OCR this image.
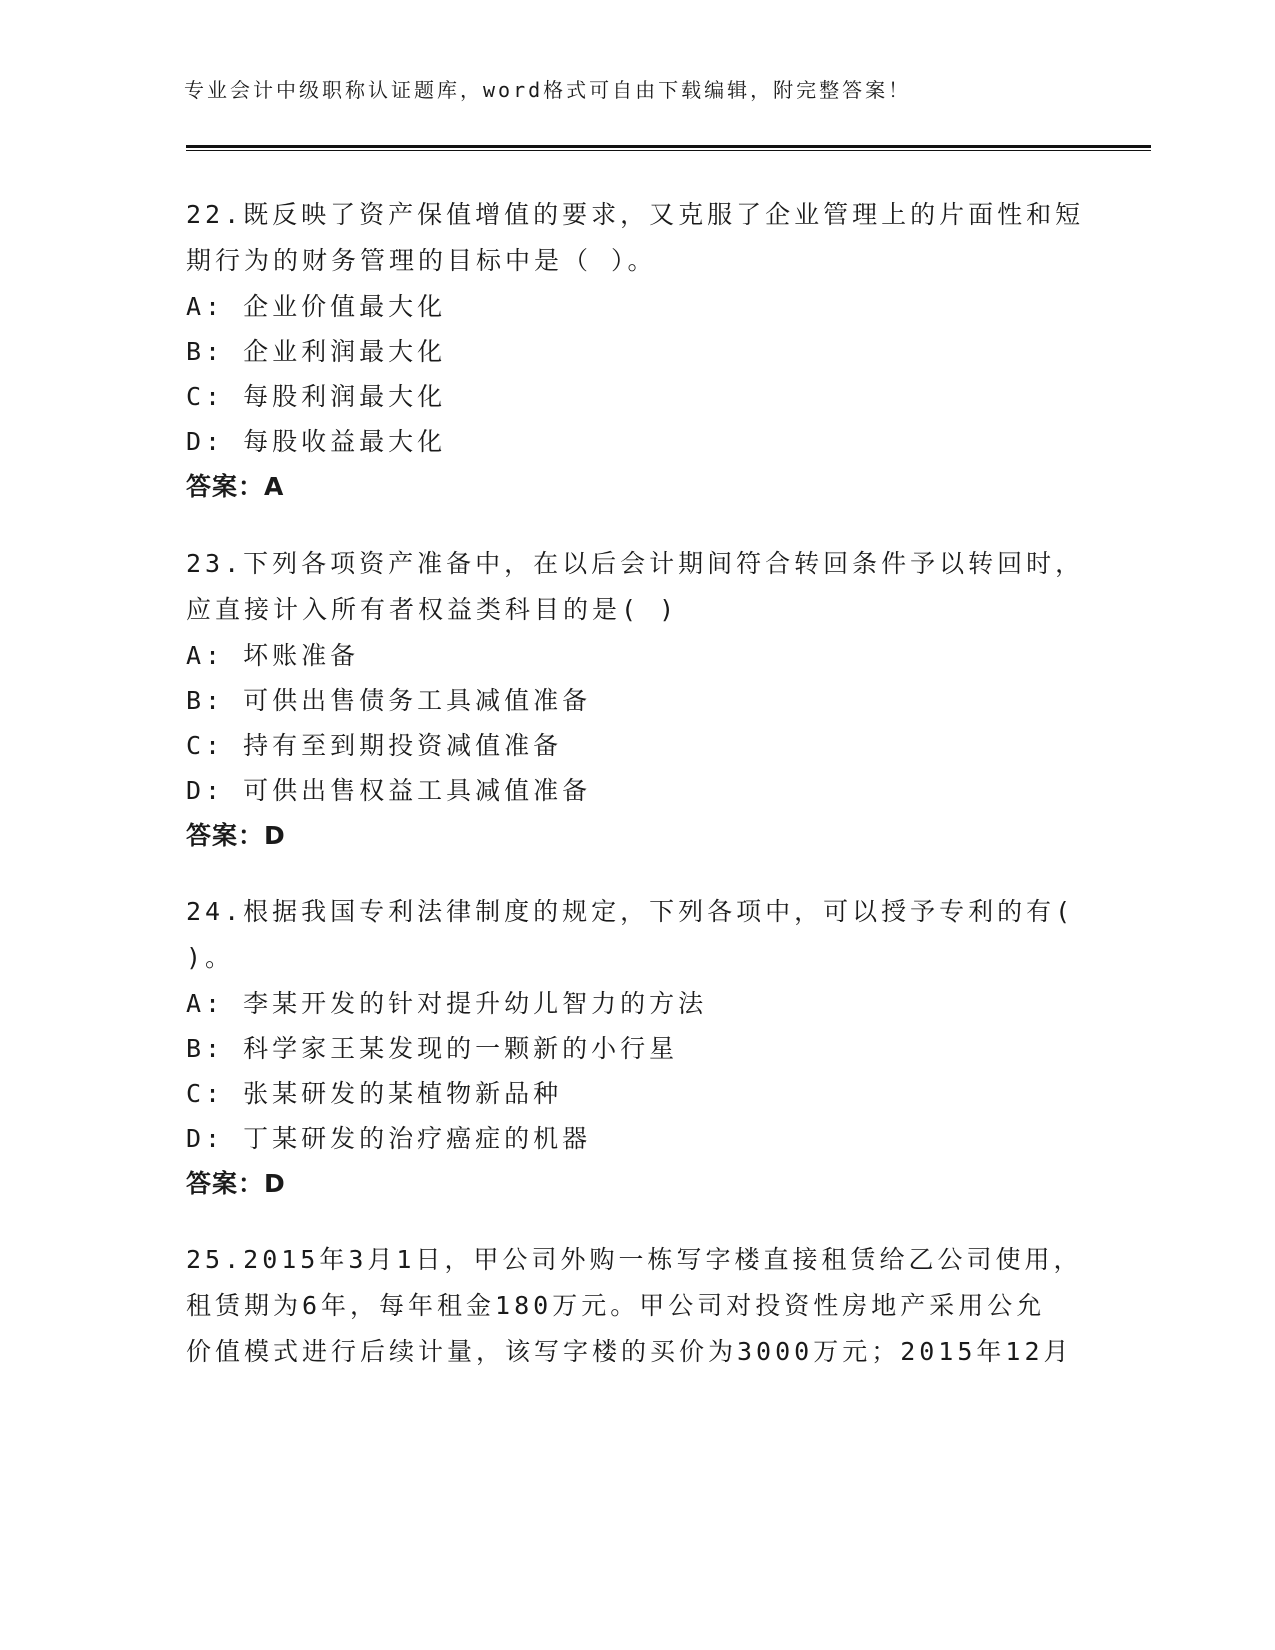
专业会计中级职称认证题库，word格式可自由下载编辑，附完整答案！
22.既反映了资产保值增值的要求，又克服了企业管理上的片面性和短
期行为的财务管理的目标中是（ ）。
A: 企业价值最大化
B: 企业利润最大化
C: 每股利润最大化
D: 每股收益最大化
答案：A
23.下列各项资产准备中，在以后会计期间符合转回条件予以转回时，
应直接计入所有者权益类科目的是( )
A: 坏账准备
B: 可供出售债务工具减值准备
C: 持有至到期投资减值准备
D: 可供出售权益工具减值准备
答案：D
24.根据我国专利法律制度的规定，下列各项中，可以授予专利的有(
)。
A: 李某开发的针对提升幼儿智力的方法
B: 科学家王某发现的一颗新的小行星
C: 张某研发的某植物新品种
D: 丁某研发的治疗癌症的机器
答案：D
25.2015年3月1日，甲公司外购一栋写字楼直接租赁给乙公司使用，
租赁期为6年，每年租金180万元。甲公司对投资性房地产采用公允
价值模式进行后续计量，该写字楼的买价为3000万元；2015年12月
